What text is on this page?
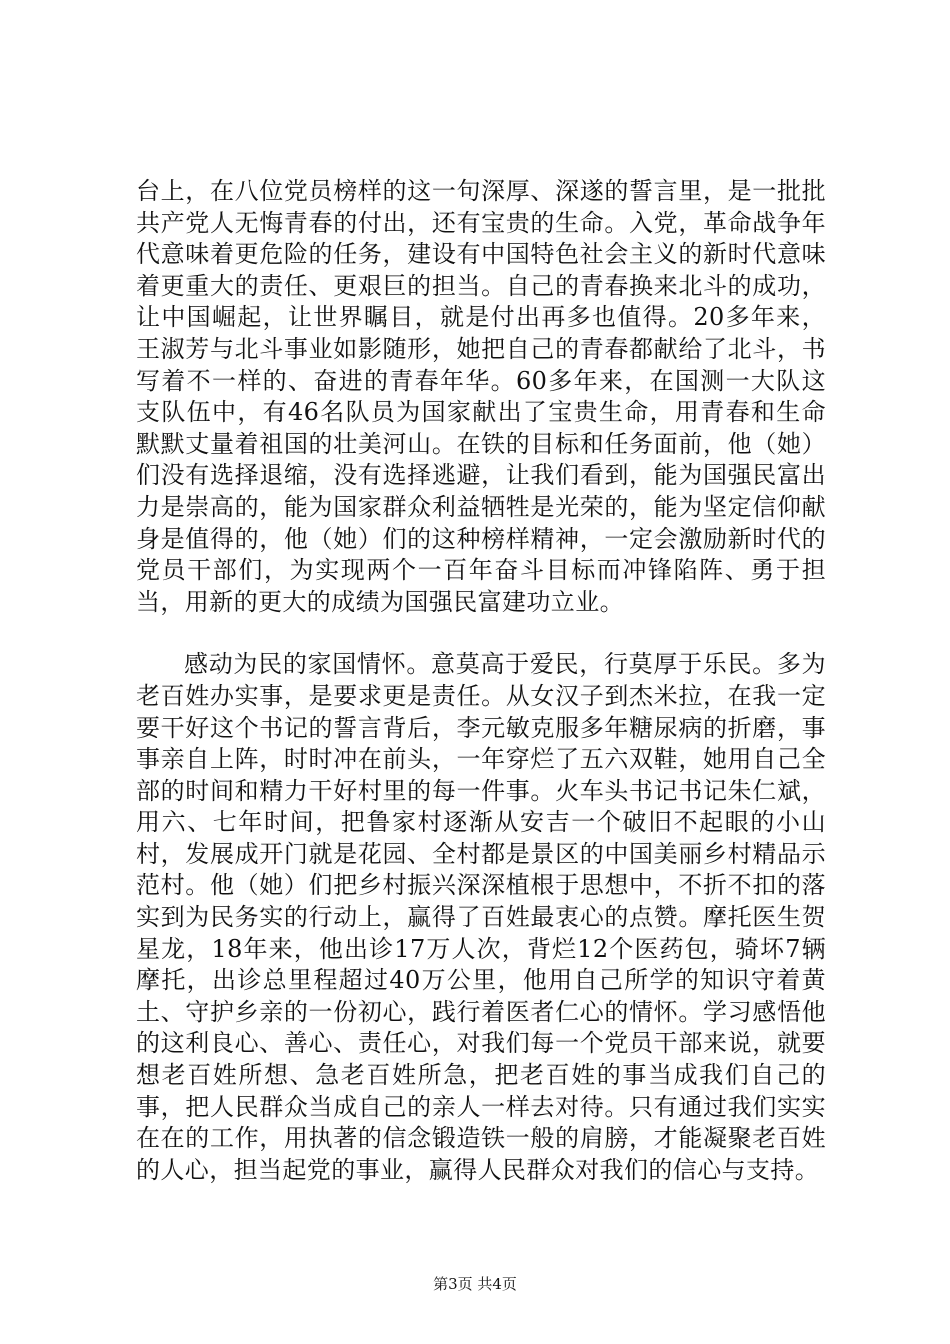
台上，在八位党员榜样的这一句深厚、深遂的誓言里，是一批批共产党人无悔青春的付出，还有宝贵的生命。入党，革命战争年代意味着更危险的任务，建设有中国特色社会主义的新时代意味着更重大的责任、更艰巨的担当。自己的青春换来北斗的成功，让中国崛起，让世界瞩目，就是付出再多也值得。20多年来，王淑芳与北斗事业如影随形，她把自己的青春都献给了北斗，书写着不一样的、奋进的青春年华。60多年来，在国测一大队这支队伍中，有46名队员为国家献出了宝贵生命，用青春和生命默默丈量着祖国的壮美河山。在铁的目标和任务面前，他（她）们没有选择退缩，没有选择逃避，让我们看到，能为国强民富出力是崇高的，能为国家群众利益牺牲是光荣的，能为坚定信仰献身是值得的，他（她）们的这种榜样精神，一定会激励新时代的党员干部们，为实现两个一百年奋斗目标而冲锋陷阵、勇于担当，用新的更大的成绩为国强民富建功立业。

感动为民的家国情怀。意莫高于爱民，行莫厚于乐民。多为老百姓办实事，是要求更是责任。从女汉子到杰米拉，在我一定要干好这个书记的誓言背后，李元敏克服多年糖尿病的折磨，事事亲自上阵，时时冲在前头，一年穿烂了五六双鞋，她用自己全部的时间和精力干好村里的每一件事。火车头书记书记朱仁斌，用六、七年时间，把鲁家村逐渐从安吉一个破旧不起眼的小山村，发展成开门就是花园、全村都是景区的中国美丽乡村精品示范村。他（她）们把乡村振兴深深植根于思想中，不折不扣的落实到为民务实的行动上，赢得了百姓最衷心的点赞。摩托医生贺星龙，18年来，他出诊17万人次，背烂12个医药包，骑坏7辆摩托，出诊总里程超过40万公里，他用自己所学的知识守着黄土、守护乡亲的一份初心，践行着医者仁心的情怀。学习感悟他的这利良心、善心、责任心，对我们每一个党员干部来说，就要想老百姓所想、急老百姓所急，把老百姓的事当成我们自己的事，把人民群众当成自己的亲人一样去对待。只有通过我们实实在在的工作，用执著的信念锻造铁一般的肩膀，才能凝聚老百姓的人心，担当起党的事业，赢得人民群众对我们的信心与支持。

第3页 共4页
